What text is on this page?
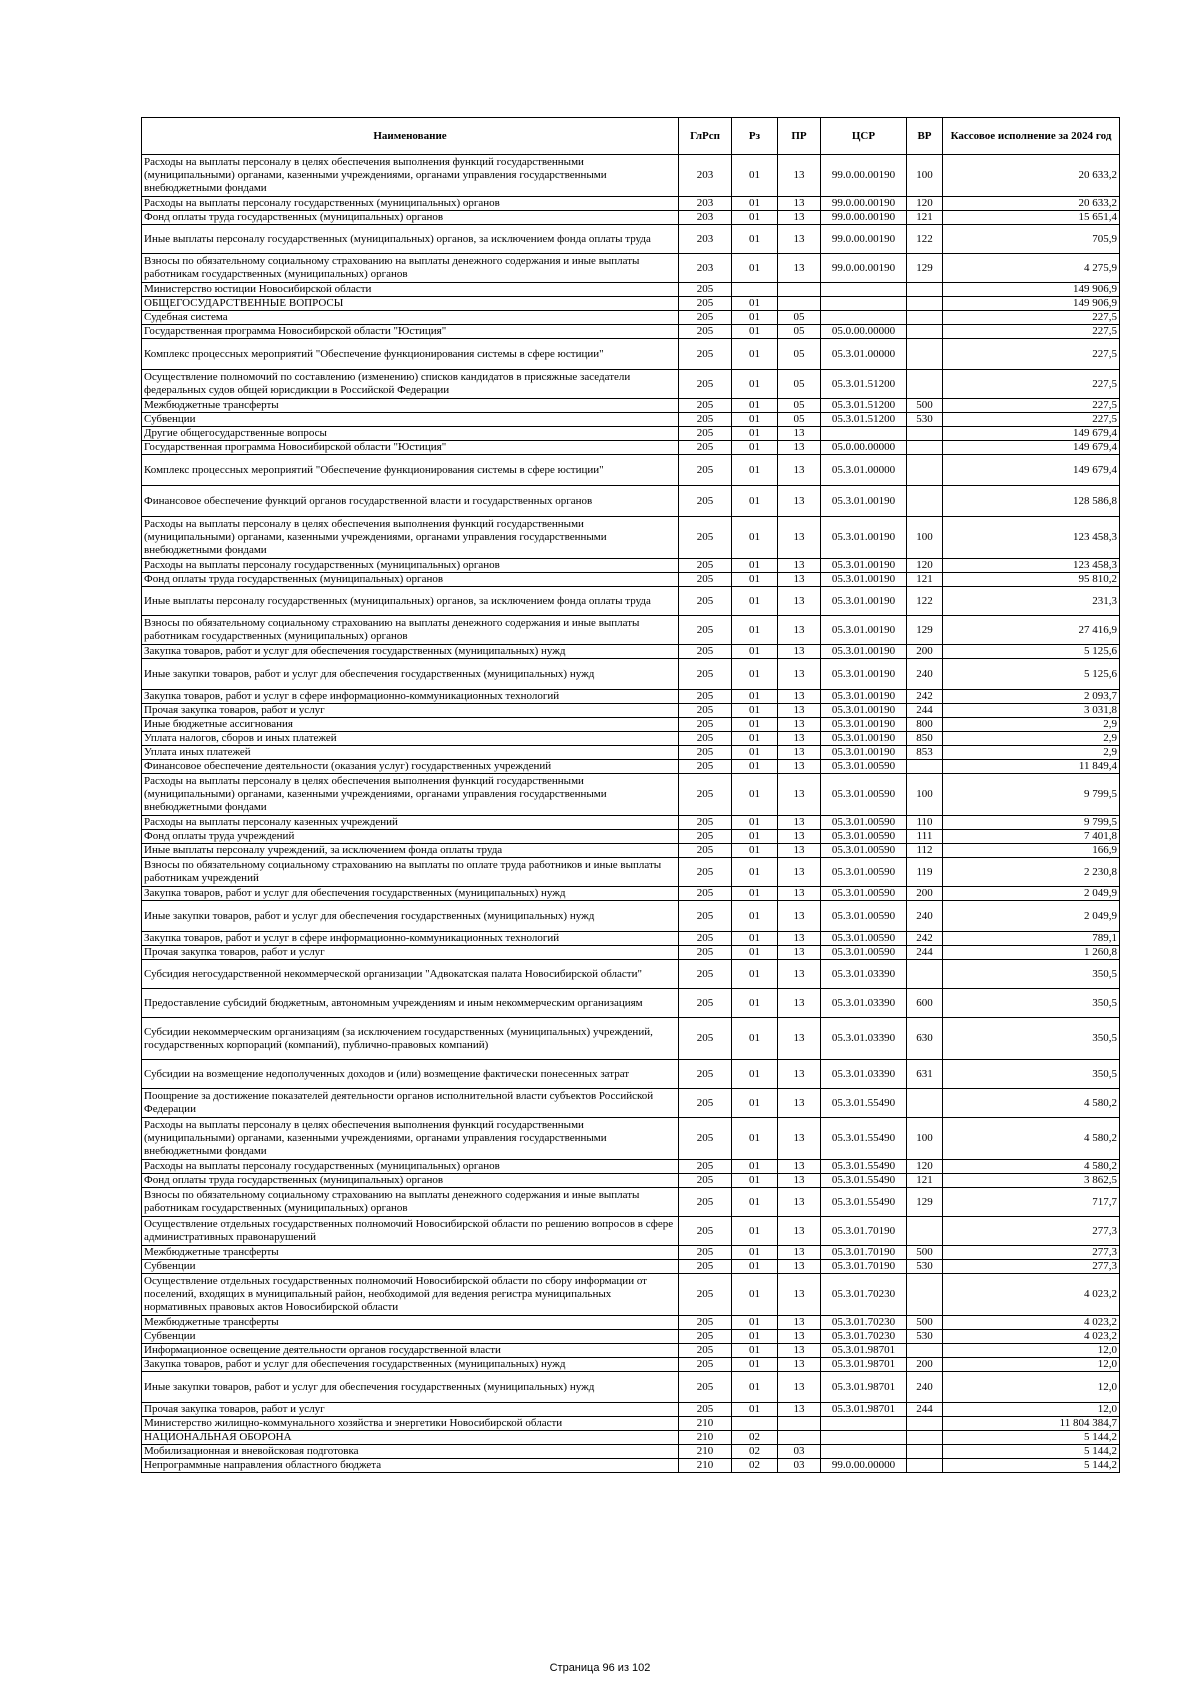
Наименование	ГлРсп	Рз	ПР	ЦСР	ВР	Кассовое исполнение за 2024 год
Расходы на выплаты персоналу в целях обеспечения выполнения функций государственными (муниципальными) органами, казенными учреждениями, органами управления государственными внебюджетными фондами	203	01	13	99.0.00.00190	100	20 633,2
Расходы на выплаты персоналу государственных (муниципальных) органов	203	01	13	99.0.00.00190	120	20 633,2
Фонд оплаты труда государственных (муниципальных) органов	203	01	13	99.0.00.00190	121	15 651,4
Иные выплаты персоналу государственных (муниципальных) органов, за исключением фонда оплаты труда	203	01	13	99.0.00.00190	122	705,9
Взносы по обязательному социальному страхованию на выплаты денежного содержания и иные выплаты работникам государственных (муниципальных) органов	203	01	13	99.0.00.00190	129	4 275,9
Министерство юстиции Новосибирской области	205					149 906,9
ОБЩЕГОСУДАРСТВЕННЫЕ ВОПРОСЫ	205	01				149 906,9
Судебная система	205	01	05			227,5
Государственная программа Новосибирской области "Юстиция"	205	01	05	05.0.00.00000		227,5
Комплекс процессных мероприятий "Обеспечение функционирования системы в сфере юстиции"	205	01	05	05.3.01.00000		227,5
Осуществление полномочий по составлению (изменению) списков кандидатов в присяжные заседатели федеральных судов общей юрисдикции в Российской Федерации	205	01	05	05.3.01.51200		227,5
Межбюджетные трансферты	205	01	05	05.3.01.51200	500	227,5
Субвенции	205	01	05	05.3.01.51200	530	227,5
Другие общегосударственные вопросы	205	01	13			149 679,4
Государственная программа Новосибирской области "Юстиция"	205	01	13	05.0.00.00000		149 679,4
Комплекс процессных мероприятий "Обеспечение функционирования системы в сфере юстиции"	205	01	13	05.3.01.00000		149 679,4
Финансовое обеспечение функций органов государственной власти и государственных органов	205	01	13	05.3.01.00190		128 586,8
Расходы на выплаты персоналу в целях обеспечения выполнения функций государственными (муниципальными) органами, казенными учреждениями, органами управления государственными внебюджетными фондами	205	01	13	05.3.01.00190	100	123 458,3
Расходы на выплаты персоналу государственных (муниципальных) органов	205	01	13	05.3.01.00190	120	123 458,3
Фонд оплаты труда государственных (муниципальных) органов	205	01	13	05.3.01.00190	121	95 810,2
Иные выплаты персоналу государственных (муниципальных) органов, за исключением фонда оплаты труда	205	01	13	05.3.01.00190	122	231,3
Взносы по обязательному социальному страхованию на выплаты денежного содержания и иные выплаты работникам государственных (муниципальных) органов	205	01	13	05.3.01.00190	129	27 416,9
Закупка товаров, работ и услуг для обеспечения государственных (муниципальных) нужд	205	01	13	05.3.01.00190	200	5 125,6
Иные закупки товаров, работ и услуг для обеспечения государственных (муниципальных) нужд	205	01	13	05.3.01.00190	240	5 125,6
Закупка товаров, работ и услуг в сфере информационно-коммуникационных технологий	205	01	13	05.3.01.00190	242	2 093,7
Прочая закупка товаров, работ и услуг	205	01	13	05.3.01.00190	244	3 031,8
Иные бюджетные ассигнования	205	01	13	05.3.01.00190	800	2,9
Уплата налогов, сборов и иных платежей	205	01	13	05.3.01.00190	850	2,9
Уплата иных платежей	205	01	13	05.3.01.00190	853	2,9
Финансовое обеспечение деятельности (оказания услуг) государственных учреждений	205	01	13	05.3.01.00590		11 849,4
Расходы на выплаты персоналу в целях обеспечения выполнения функций государственными (муниципальными) органами, казенными учреждениями, органами управления государственными внебюджетными фондами	205	01	13	05.3.01.00590	100	9 799,5
Расходы на выплаты персоналу казенных учреждений	205	01	13	05.3.01.00590	110	9 799,5
Фонд оплаты труда учреждений	205	01	13	05.3.01.00590	111	7 401,8
Иные выплаты персоналу учреждений, за исключением фонда оплаты труда	205	01	13	05.3.01.00590	112	166,9
Взносы по обязательному социальному страхованию на выплаты по оплате труда работников и иные выплаты работникам учреждений	205	01	13	05.3.01.00590	119	2 230,8
Закупка товаров, работ и услуг для обеспечения государственных (муниципальных) нужд	205	01	13	05.3.01.00590	200	2 049,9
Иные закупки товаров, работ и услуг для обеспечения государственных (муниципальных) нужд	205	01	13	05.3.01.00590	240	2 049,9
Закупка товаров, работ и услуг в сфере информационно-коммуникационных технологий	205	01	13	05.3.01.00590	242	789,1
Прочая закупка товаров, работ и услуг	205	01	13	05.3.01.00590	244	1 260,8
Субсидия негосударственной некоммерческой организации "Адвокатская палата Новосибирской области"	205	01	13	05.3.01.03390		350,5
Предоставление субсидий бюджетным, автономным учреждениям и иным некоммерческим организациям	205	01	13	05.3.01.03390	600	350,5
Субсидии некоммерческим организациям (за исключением государственных (муниципальных) учреждений, государственных корпораций (компаний), публично-правовых компаний)	205	01	13	05.3.01.03390	630	350,5
Субсидии на возмещение недополученных доходов и (или) возмещение фактически понесенных затрат	205	01	13	05.3.01.03390	631	350,5
Поощрение за достижение показателей деятельности органов исполнительной власти субъектов Российской Федерации	205	01	13	05.3.01.55490		4 580,2
Расходы на выплаты персоналу в целях обеспечения выполнения функций государственными (муниципальными) органами, казенными учреждениями, органами управления государственными внебюджетными фондами	205	01	13	05.3.01.55490	100	4 580,2
Расходы на выплаты персоналу государственных (муниципальных) органов	205	01	13	05.3.01.55490	120	4 580,2
Фонд оплаты труда государственных (муниципальных) органов	205	01	13	05.3.01.55490	121	3 862,5
Взносы по обязательному социальному страхованию на выплаты денежного содержания и иные выплаты работникам государственных (муниципальных) органов	205	01	13	05.3.01.55490	129	717,7
Осуществление отдельных государственных полномочий Новосибирской области по решению вопросов в сфере административных правонарушений	205	01	13	05.3.01.70190		277,3
Межбюджетные трансферты	205	01	13	05.3.01.70190	500	277,3
Субвенции	205	01	13	05.3.01.70190	530	277,3
Осуществление отдельных государственных полномочий Новосибирской области по сбору информации от поселений, входящих в муниципальный район, необходимой для ведения регистра муниципальных нормативных правовых актов Новосибирской области	205	01	13	05.3.01.70230		4 023,2
Межбюджетные трансферты	205	01	13	05.3.01.70230	500	4 023,2
Субвенции	205	01	13	05.3.01.70230	530	4 023,2
Информационное освещение деятельности органов государственной власти	205	01	13	05.3.01.98701		12,0
Закупка товаров, работ и услуг для обеспечения государственных (муниципальных) нужд	205	01	13	05.3.01.98701	200	12,0
Иные закупки товаров, работ и услуг для обеспечения государственных (муниципальных) нужд	205	01	13	05.3.01.98701	240	12,0
Прочая закупка товаров, работ и услуг	205	01	13	05.3.01.98701	244	12,0
Министерство жилищно-коммунального хозяйства и энергетики Новосибирской области	210					11 804 384,7
НАЦИОНАЛЬНАЯ ОБОРОНА	210	02				5 144,2
Мобилизационная и вневойсковая подготовка	210	02	03			5 144,2
Непрограммные направления областного бюджета	210	02	03	99.0.00.00000		5 144,2
Страница 96 из 102
